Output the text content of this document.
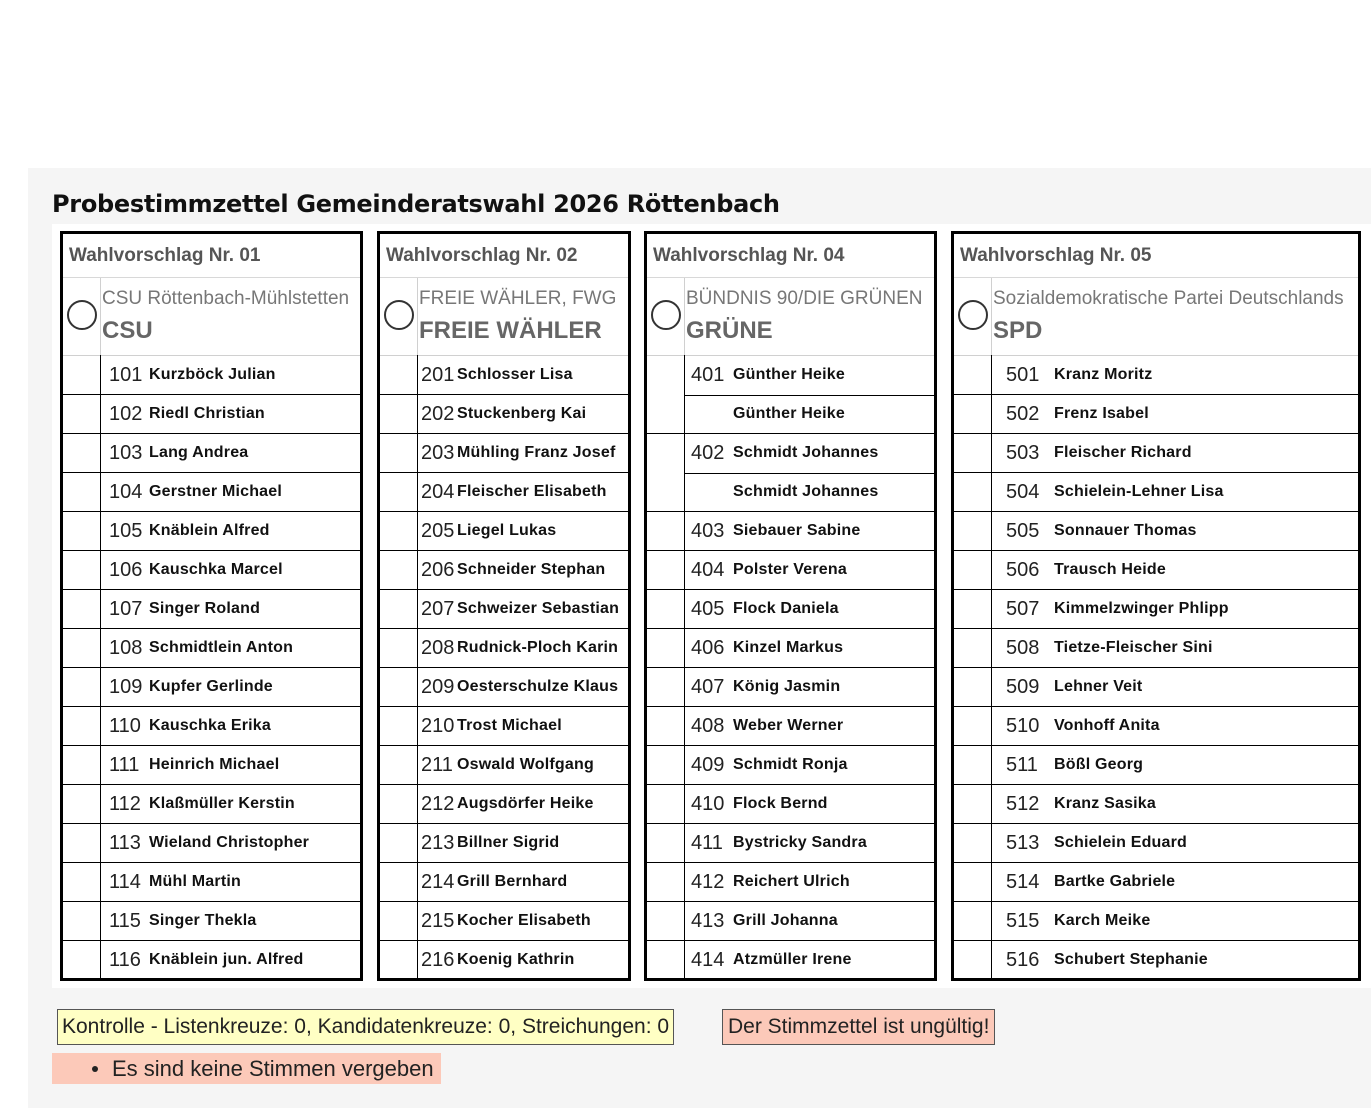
Probestimmzettel Gemeinderatswahl 2026 Röttenbach
Wahlvorschlag Nr. 01
CSU Röttenbach-Mühlstetten
CSU
101 Kurzböck Julian
102 Riedl Christian
103 Lang Andrea
104 Gerstner Michael
105 Knäblein Alfred
106 Kauschka Marcel
107 Singer Roland
108 Schmidtlein Anton
109 Kupfer Gerlinde
110 Kauschka Erika
111 Heinrich Michael
112 Klaßmüller Kerstin
113 Wieland Christopher
114 Mühl Martin
115 Singer Thekla
116 Knäblein jun. Alfred
Wahlvorschlag Nr. 02
FREIE WÄHLER, FWG
FREIE WÄHLER
201 Schlosser Lisa
202 Stuckenberg Kai
203 Mühling Franz Josef
204 Fleischer Elisabeth
205 Liegel Lukas
206 Schneider Stephan
207 Schweizer Sebastian
208 Rudnick-Ploch Karin
209 Oesterschulze Klaus
210 Trost Michael
211 Oswald Wolfgang
212 Augsdörfer Heike
213 Billner Sigrid
214 Grill Bernhard
215 Kocher Elisabeth
216 Koenig Kathrin
Wahlvorschlag Nr. 04
BÜNDNIS 90/DIE GRÜNEN
GRÜNE
401 Günther Heike
Günther Heike
402 Schmidt Johannes
Schmidt Johannes
403 Siebauer Sabine
404 Polster Verena
405 Flock Daniela
406 Kinzel Markus
407 König Jasmin
408 Weber Werner
409 Schmidt Ronja
410 Flock Bernd
411 Bystricky Sandra
412 Reichert Ulrich
413 Grill Johanna
414 Atzmüller Irene
Wahlvorschlag Nr. 05
Sozialdemokratische Partei Deutschlands
SPD
501 Kranz Moritz
502 Frenz Isabel
503 Fleischer Richard
504 Schielein-Lehner Lisa
505 Sonnauer Thomas
506 Trausch Heide
507 Kimmelzwinger Phlipp
508 Tietze-Fleischer Sini
509 Lehner Veit
510 Vonhoff Anita
511 Bößl Georg
512 Kranz Sasika
513 Schielein Eduard
514 Bartke Gabriele
515 Karch Meike
516 Schubert Stephanie
Kontrolle - Listenkreuze: 0, Kandidatenkreuze: 0, Streichungen: 0	Der Stimmzettel ist ungültig!
Es sind keine Stimmen vergeben
